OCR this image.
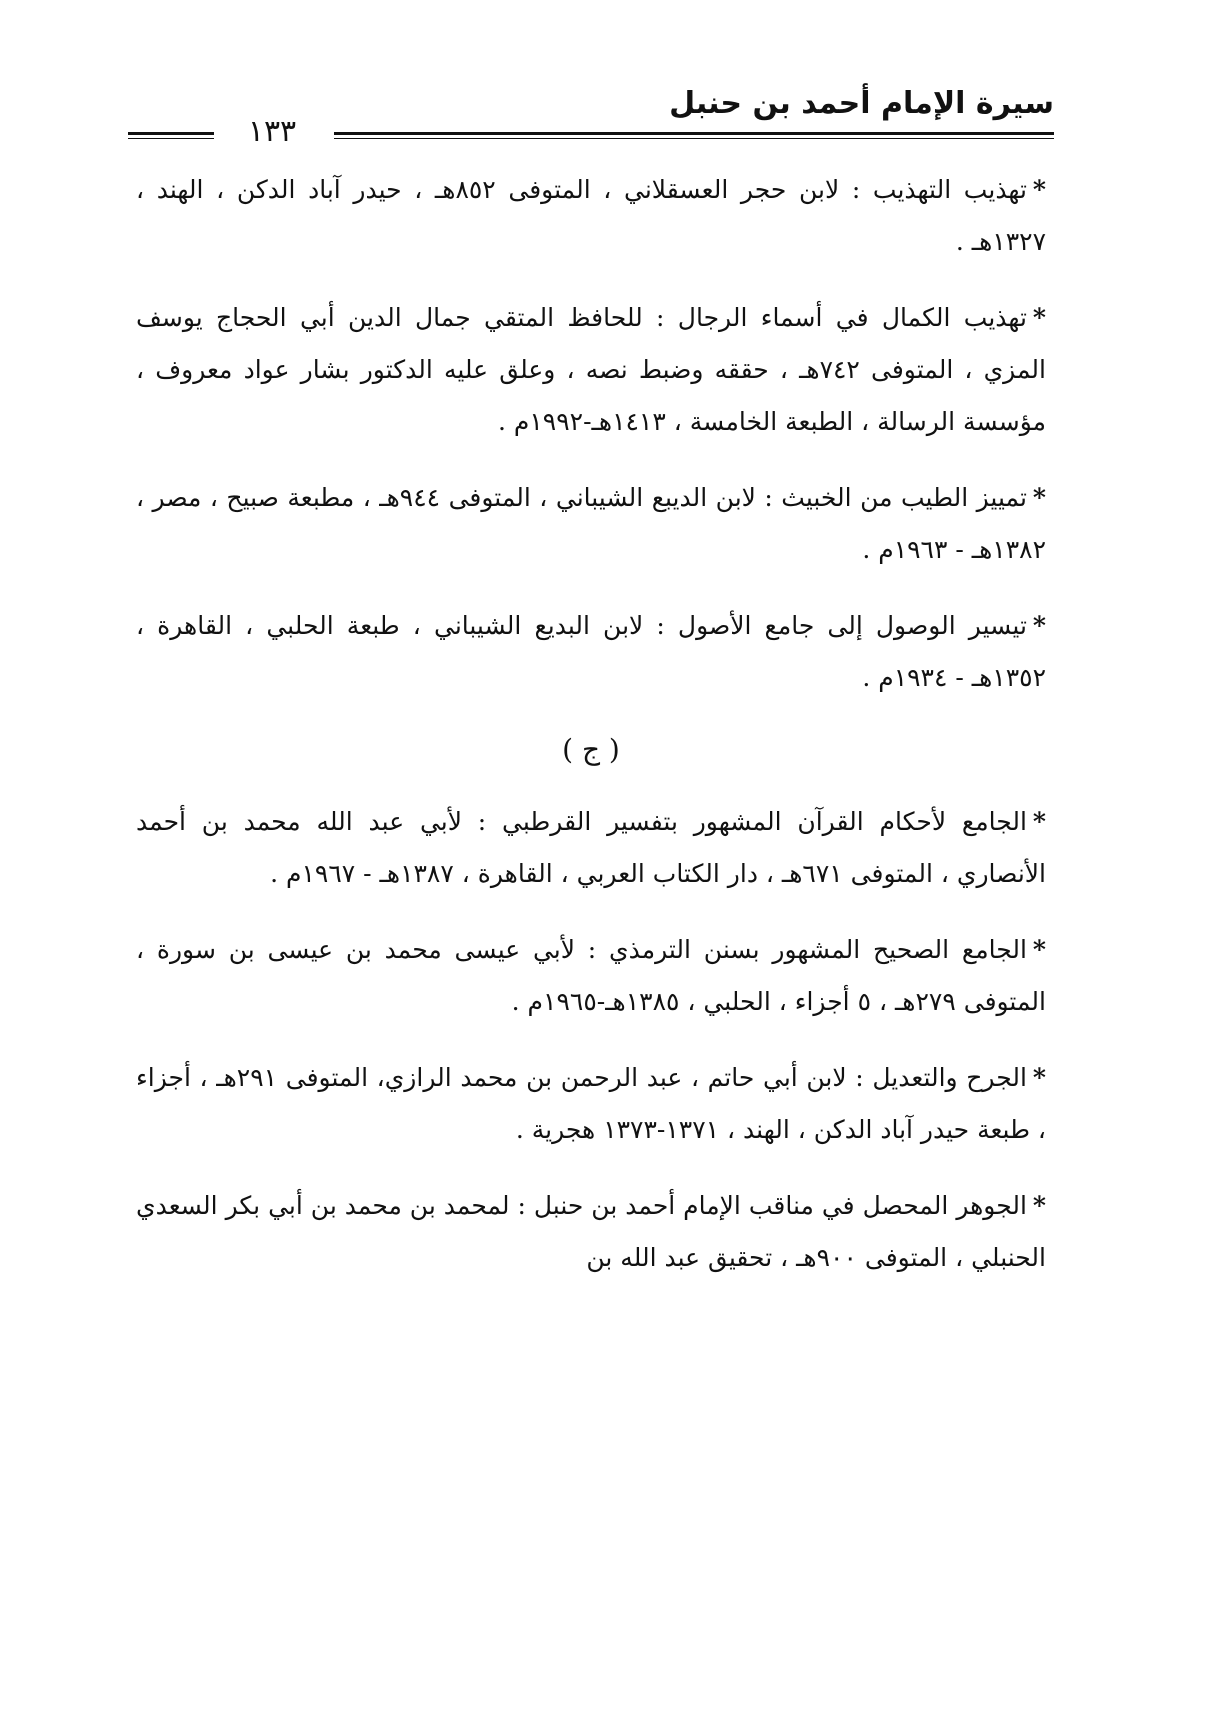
سيرة الإمام أحمد بن حنبل
١٣٣

*تهذيب التهذيب : لابن حجر العسقلاني ، المتوفى ٨٥٢هـ ، حيدر آباد الدكن ، الهند ، ١٣٢٧هـ .

*تهذيب الكمال في أسماء الرجال : للحافظ المتقي جمال الدين أبي الحجاج يوسف المزي ، المتوفى ٧٤٢هـ ، حققه وضبط نصه ، وعلق عليه الدكتور بشار عواد معروف ، مؤسسة الرسالة ، الطبعة الخامسة ، ١٤١٣هـ-١٩٩٢م .

*تمييز الطيب من الخبيث : لابن الديبع الشيباني ، المتوفى ٩٤٤هـ ، مطبعة صبيح ، مصر ، ١٣٨٢هـ - ١٩٦٣م .

*تيسير الوصول إلى جامع الأصول : لابن البديع الشيباني ، طبعة الحلبي ، القاهرة ، ١٣٥٢هـ - ١٩٣٤م .

( ج )

*الجامع لأحكام القرآن المشهور بتفسير القرطبي : لأبي عبد الله محمد بن أحمد الأنصاري ، المتوفى ٦٧١هـ ، دار الكتاب العربي ، القاهرة ، ١٣٨٧هـ - ١٩٦٧م .

*الجامع الصحيح المشهور بسنن الترمذي : لأبي عيسى محمد بن عيسى بن سورة ، المتوفى ٢٧٩هـ ، ٥ أجزاء ، الحلبي ، ١٣٨٥هـ-١٩٦٥م .

*الجرح والتعديل : لابن أبي حاتم ، عبد الرحمن بن محمد الرازي، المتوفى ٢٩١هـ ، أجزاء ، طبعة حيدر آباد الدكن ، الهند ، ١٣٧١-١٣٧٣ هجرية .

*الجوهر المحصل في مناقب الإمام أحمد بن حنبل : لمحمد بن محمد بن أبي بكر السعدي الحنبلي ، المتوفى ٩٠٠هـ ، تحقيق عبد الله بن
